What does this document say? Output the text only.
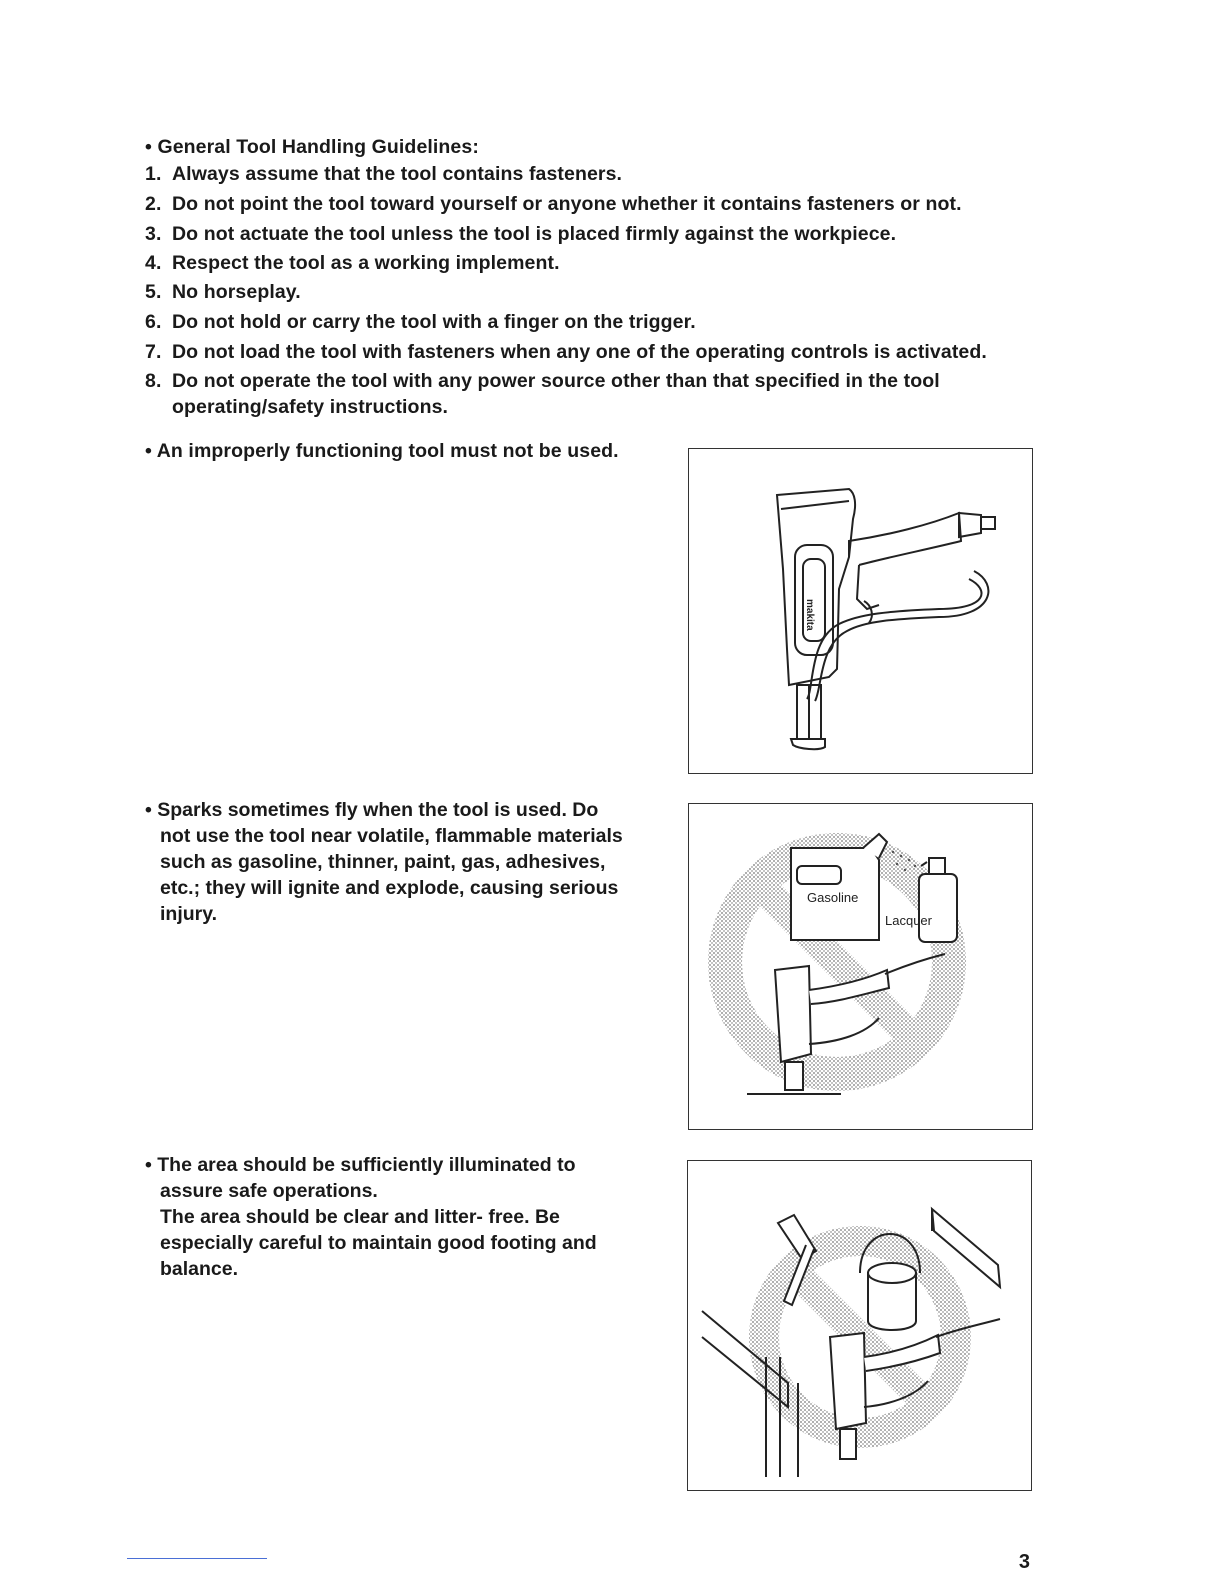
• General Tool Handling Guidelines:
1. Always assume that the tool contains fasteners.
2. Do not point the tool toward yourself or anyone whether it contains fasteners or not.
3. Do not actuate the tool unless the tool is placed firmly against the workpiece.
4. Respect the tool as a working implement.
5. No horseplay.
6. Do not hold or carry the tool with a finger on the trigger.
7. Do not load the tool with fasteners when any one of the operating controls is activated.
8. Do not operate the tool with any power source other than that specified in the tool
operating/safety instructions.
• An improperly functioning tool must not be used.
makita
• Sparks sometimes fly when the tool is used. Do
not use the tool near volatile, flammable materials
such as gasoline, thinner, paint, gas, adhesives,
etc.; they will ignite and explode, causing serious
injury.
Gasoline
Lacquer
• The area should be sufficiently illuminated to
assure safe operations.
The area should be clear and litter- free. Be
especially careful to maintain good footing and
balance.
3
